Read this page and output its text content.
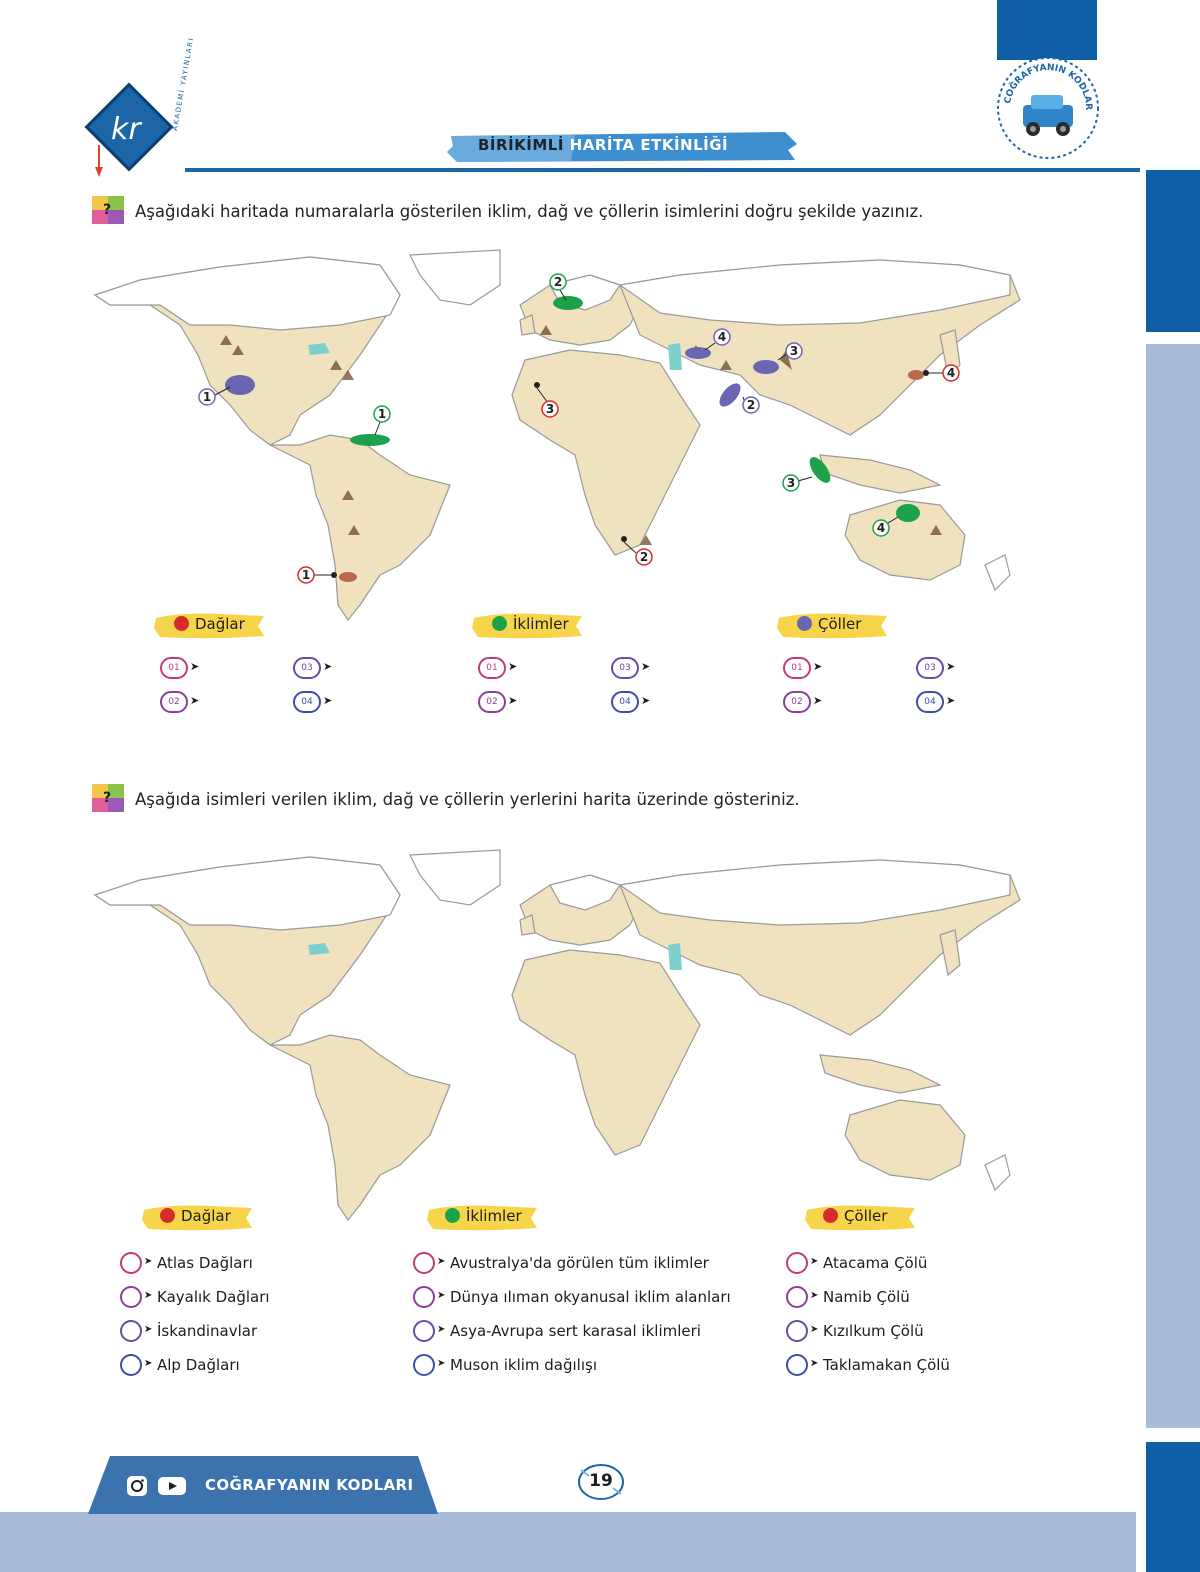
kr	AKADEMİ YAYINLARI
BİRİKİMLİ HARİTA ETKİNLİĞİ
COĞRAFYANIN KODLAR
? Aşağıdaki haritada numaralarla gösterilen iklim, dağ ve çöllerin isimlerini doğru şekilde yazınız.
1
1
2
3
4
2
3
3
4
2
1
4
Dağlar
01 ➤
02 ➤
03 ➤
04 ➤
İklimler
01 ➤
02 ➤
03 ➤
04 ➤
Çöller
01 ➤
02 ➤
03 ➤
04 ➤
? Aşağıda isimleri verilen iklim, dağ ve çöllerin yerlerini harita üzerinde gösteriniz.
Dağlar
➤ Atlas Dağları
➤ Kayalık Dağları
➤ İskandinavlar
➤ Alp Dağları
İklimler
➤ Avustralya'da görülen tüm iklimler
➤ Dünya ılıman okyanusal iklim alanları
➤ Asya-Avrupa sert karasal iklimleri
➤ Muson iklim dağılışı
Çöller
➤ Atacama Çölü
➤ Namib Çölü
➤ Kızılkum Çölü
➤ Taklamakan Çölü
COĞRAFYANIN KODLARI	19
